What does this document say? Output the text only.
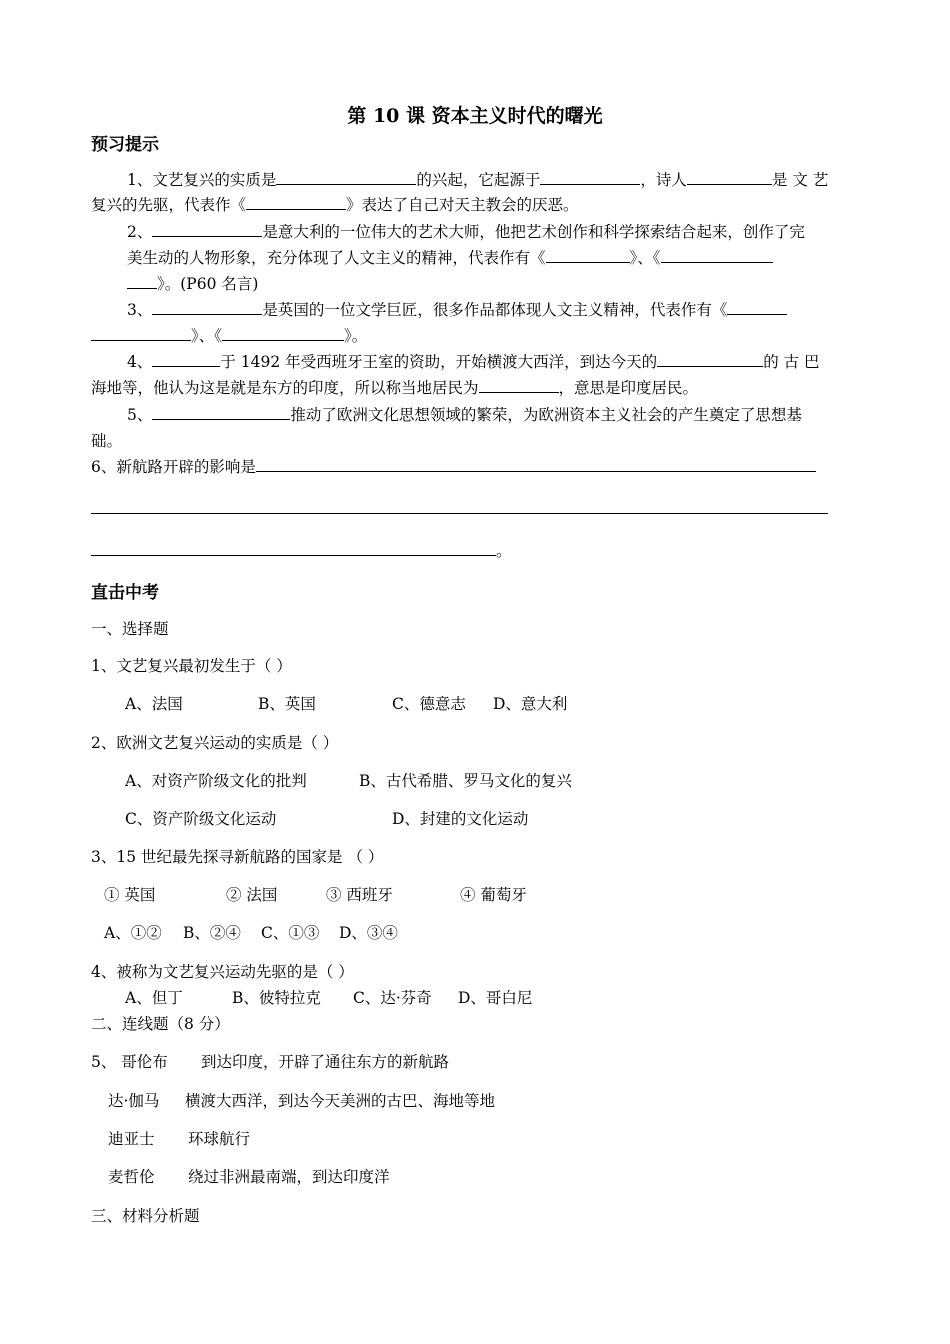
第 10 课 资本主义时代的曙光
预习提示
1、文艺复兴的实质是	的兴起，它起源于	，诗人	是 文 艺
复兴的先驱，代表作《	》表达了自己对天主教会的厌恶。
2、	是意大利的一位伟大的艺术大师，他把艺术创作和科学探索结合起来，创作了完
美生动的人物形象，充分体现了人文主义的精神，代表作有《	》、《
》。(P60 名言)
3、	是英国的一位文学巨匠，很多作品都体现人文主义精神，代表作有《
》、《	》。
4、	于 1492 年受西班牙王室的资助，开始横渡大西洋，到达今天的	的 古 巴
海地等，他认为这是就是东方的印度，所以称当地居民为	，意思是印度居民。
5、	推动了欧洲文化思想领域的繁荣，为欧洲资本主义社会的产生奠定了思想基
础。
6、新航路开辟的影响是
。
直击中考
一、选择题
1、文艺复兴最初发生于（ ）
A、法国	B、英国	C、德意志 D、意大利
2、欧洲文艺复兴运动的实质是（ ）
A、对资产阶级文化的批判	B、古代希腊、罗马文化的复兴
C、资产阶级文化运动	D、封建的文化运动
3、15 世纪最先探寻新航路的国家是 （ ）
① 英国	② 法国	③ 西班牙	④ 葡萄牙
A、①② B、②④ C、①③ D、③④
4、被称为文艺复兴运动先驱的是（ ）
A、但丁	B、彼特拉克 C、达·芬奇 D、哥白尼
二、连线题（8 分）
5、 哥伦布 到达印度，开辟了通往东方的新航路
达·伽马 横渡大西洋，到达今天美洲的古巴、海地等地
迪亚士 环球航行
麦哲伦 绕过非洲最南端，到达印度洋
三、材料分析题
